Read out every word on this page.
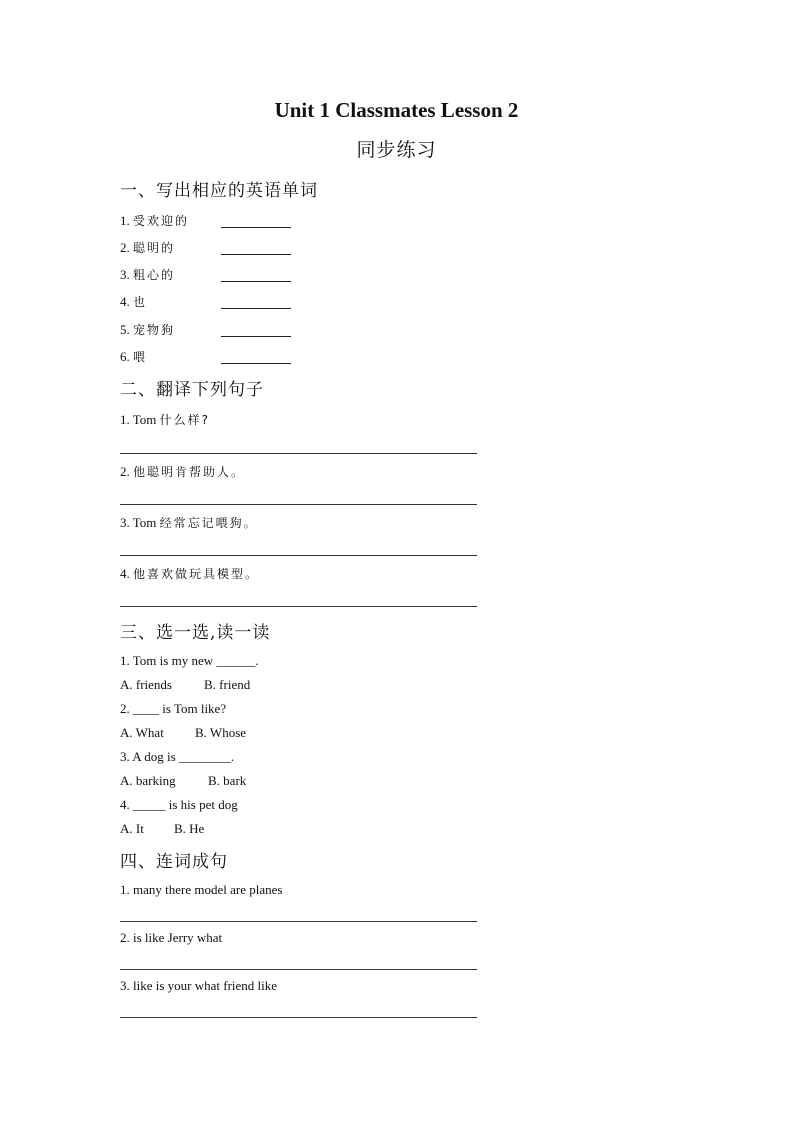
Unit 1 Classmates Lesson 2
同步练习
一、写出相应的英语单词
1. 受欢迎的
2. 聪明的
3. 粗心的
4. 也
5. 宠物狗
6. 喂
二、翻译下列句子
1. Tom 什么样?
2. 他聪明肯帮助人。
3. Tom 经常忘记喂狗。
4. 他喜欢做玩具模型。
三、选一选,读一读
1. Tom is my new ______.
A. friends B. friend
2. ____ is Tom like?
A. What B. Whose
3. A dog is ________.
A. barking B. bark
4. _____ is his pet dog
A. It B. He
四、连词成句
1. many there model are planes
2. is like Jerry what
3. like is your what friend like
